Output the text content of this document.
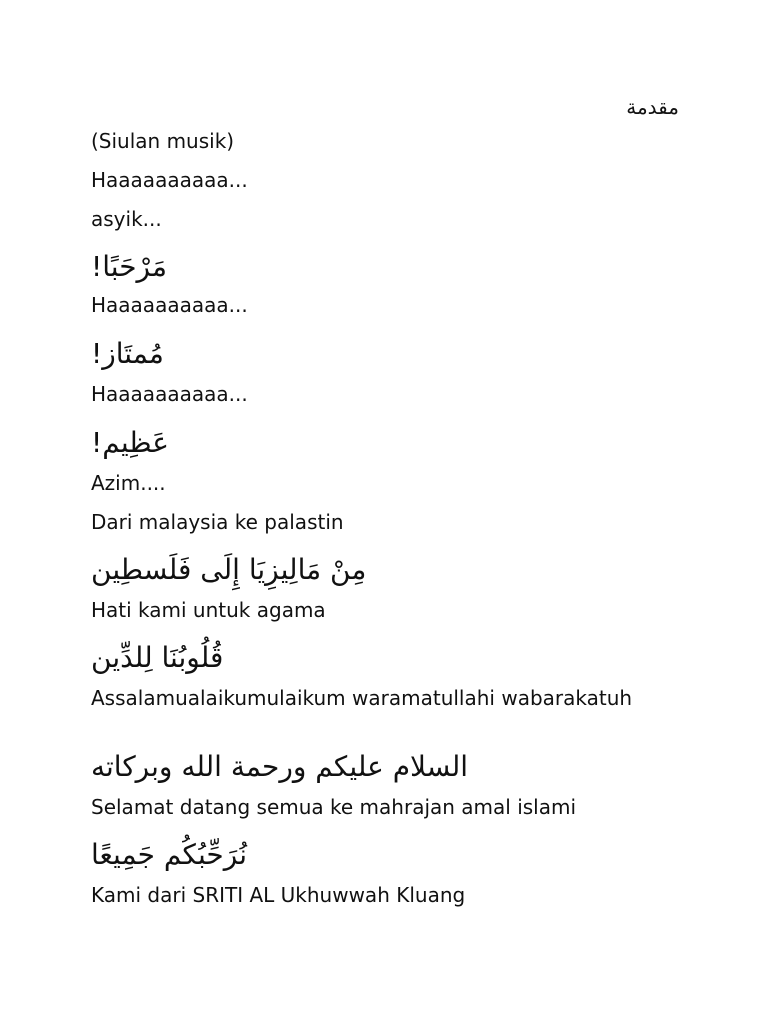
مقدمة

(Siulan musik)

Haaaaaaaaaa...

asyik...

مَرْحَبًا!

Haaaaaaaaaa...

مُمتَاز!

Haaaaaaaaaa...

عَظِيم!

Azim....

Dari malaysia ke palastin

مِنْ مَالِيزِيَا إِلَى فَلَسطِين

Hati kami untuk agama

قُلُوبُنَا لِلدِّين

Assalamualaikumulaikum waramatullahi wabarakatuh

السلام عليكم ورحمة الله وبركاته

Selamat datang semua ke mahrajan amal islami

نُرَحِّبُكُم جَمِيعًا

Kami dari SRITI AL Ukhuwwah Kluang
